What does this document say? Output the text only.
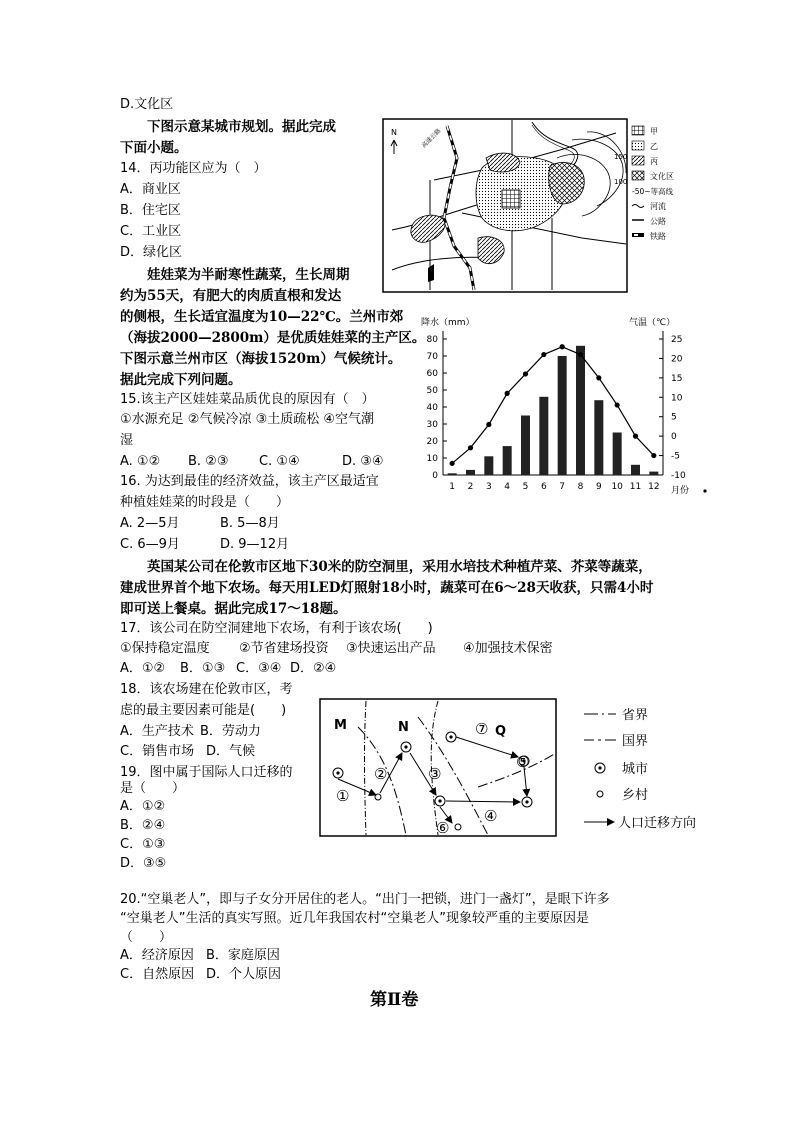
D.文化区
下图示意某城市规划。据此完成
下面小题。
14．丙功能区应为（　）
A．商业区
B．住宅区
C．工业区
D．绿化区
娃娃菜为半耐寒性蔬菜，生长周期
约为55天，有肥大的肉质直根和发达
的侧根，生长适宜温度为10—22℃。兰州市郊
（海拔2000—2800m）是优质娃娃菜的主产区。
下图示意兰州市区（海拔1520m）气候统计。
据此完成下列问题。
15.该主产区娃娃菜品质优良的原因有（　）
①水源充足 ②气候冷凉 ③土质疏松 ④空气潮
湿
A. ①② B. ②③ C. ①④	D. ③④
16. 为达到最佳的经济效益，该主产区最适宜
种植娃娃菜的时段是（　　）
A. 2—5月	B. 5—8月
C. 6—9月	D. 9—12月
英国某公司在伦敦市区地下30米的防空洞里，采用水培技术种植芹菜、芥菜等蔬菜，
建成世界首个地下农场。每天用LED灯照射18小时，蔬菜可在6～28天收获，只需4小时
即可送上餐桌。据此完成17～18题。
17．该公司在防空洞建地下农场，有利于该农场(　　)
①保持稳定温度 ②节省建场投资 ③快速运出产品 ④加强技术保密
A．①② B．①③ C．③④ D．②④
18．该农场建在伦敦市区，考
虑的最主要因素可能是(　　)
A．生产技术 B．劳动力
C．销售市场 D．气候
19．图中属于国际人口迁移的
是（　　）
A．①②
B．②④
C．①③
D．③⑤
20.“空巢老人”，即与子女分开居住的老人。“出门一把锁，进门一盏灯”，是眼下许多
“空巢老人”生活的真实写照。近几年我国农村“空巢老人”现象较严重的主要原因是
（　　）
A．经济原因 B．家庭原因
C．自然原因 D．个人原因
第Ⅱ卷
N
150
100
高速公路	甲
乙
丙
文化区
-50~等高线
河流
公路
铁路
降水（mm）	气温（℃）
月份
0
10
20
30
40
50
60
70
80
-10
-5
0
5
10
15
20
25
1 2 3 4 5 6 7 8 9 10 11 12
M	N	Q
①
②	③
④
⑤
⑥
⑦
省界
国界
城市
乡村
人口迁移方向
